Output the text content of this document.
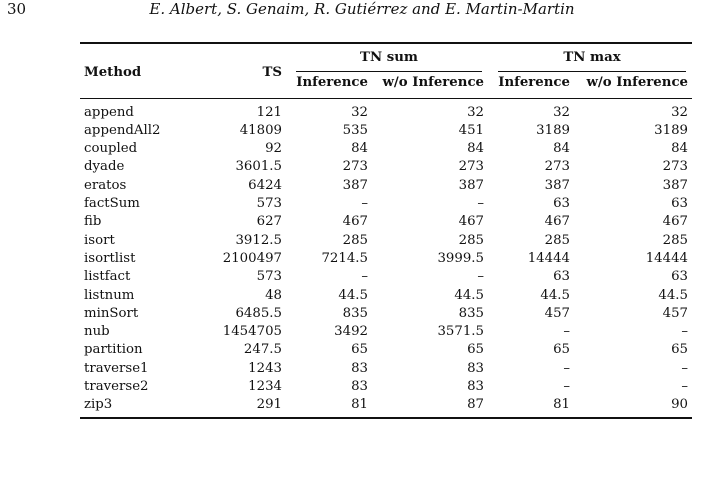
30	E. Albert, S. Genaim, R. Gutiérrez and E. Martin-Martin
Method	TS	TN sum		TN max	

		Inference	w/o Inference	Inference	w/o Inference
append	121	32	32	32	32
appendAll2	41809	535	451	3189	3189
coupled	92	84	84	84	84
dyade	3601.5	273	273	273	273
eratos	6424	387	387	387	387
factSum	573	–	–	63	63
fib	627	467	467	467	467
isort	3912.5	285	285	285	285
isortlist	2100497	7214.5	3999.5	14444	14444
listfact	573	–	–	63	63
listnum	48	44.5	44.5	44.5	44.5
minSort	6485.5	835	835	457	457
nub	1454705	3492	3571.5	–	–
partition	247.5	65	65	65	65
traverse1	1243	83	83	–	–
traverse2	1234	83	83	–	–
zip3	291	81	87	81	90
